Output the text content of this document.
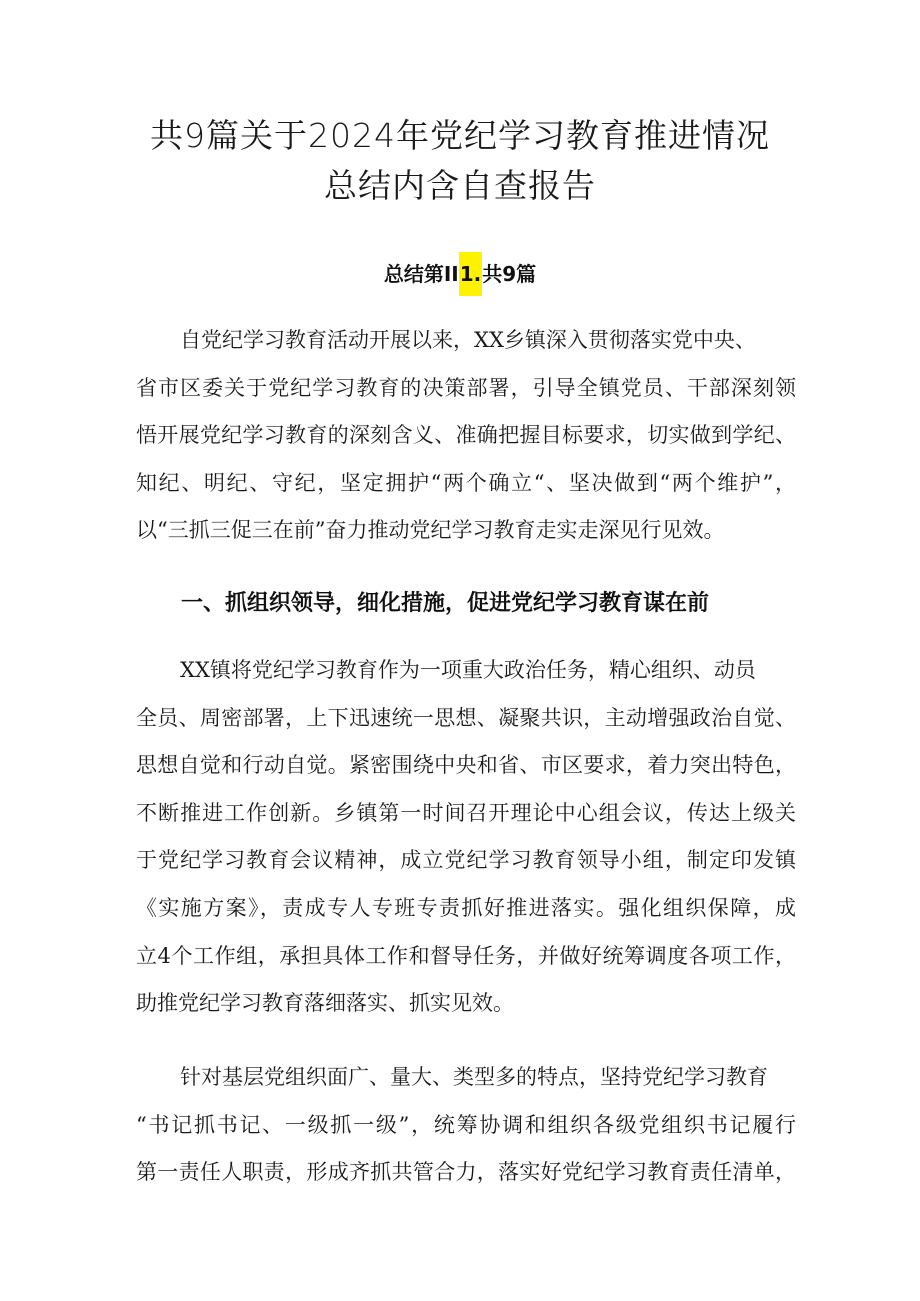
共9篇关于2024年党纪学习教育推进情况
总结内含自查报告
总结第II1.共9篇
自党纪学习教育活动开展以来，XX乡镇深入贯彻落实党中央、
省市区委关于党纪学习教育的决策部署，引导全镇党员、干部深刻领
悟开展党纪学习教育的深刻含义、准确把握目标要求，切实做到学纪、
知纪、明纪、守纪，坚定拥护“两个确立“、坚决做到“两个维护”，
以“三抓三促三在前”奋力推动党纪学习教育走实走深见行见效。
一、抓组织领导，细化措施，促进党纪学习教育谋在前
XX镇将党纪学习教育作为一项重大政治任务，精心组织、动员
全员、周密部署，上下迅速统一思想、凝聚共识，主动增强政治自觉、
思想自觉和行动自觉。紧密围绕中央和省、市区要求，着力突出特色，
不断推进工作创新。乡镇第一时间召开理论中心组会议，传达上级关
于党纪学习教育会议精神，成立党纪学习教育领导小组，制定印发镇
《实施方案》，责成专人专班专责抓好推进落实。强化组织保障，成
立4个工作组，承担具体工作和督导任务，并做好统筹调度各项工作，
助推党纪学习教育落细落实、抓实见效。
针对基层党组织面广、量大、类型多的特点，坚持党纪学习教育
“书记抓书记、一级抓一级”，统筹协调和组织各级党组织书记履行
第一责任人职责，形成齐抓共管合力，落实好党纪学习教育责任清单，
